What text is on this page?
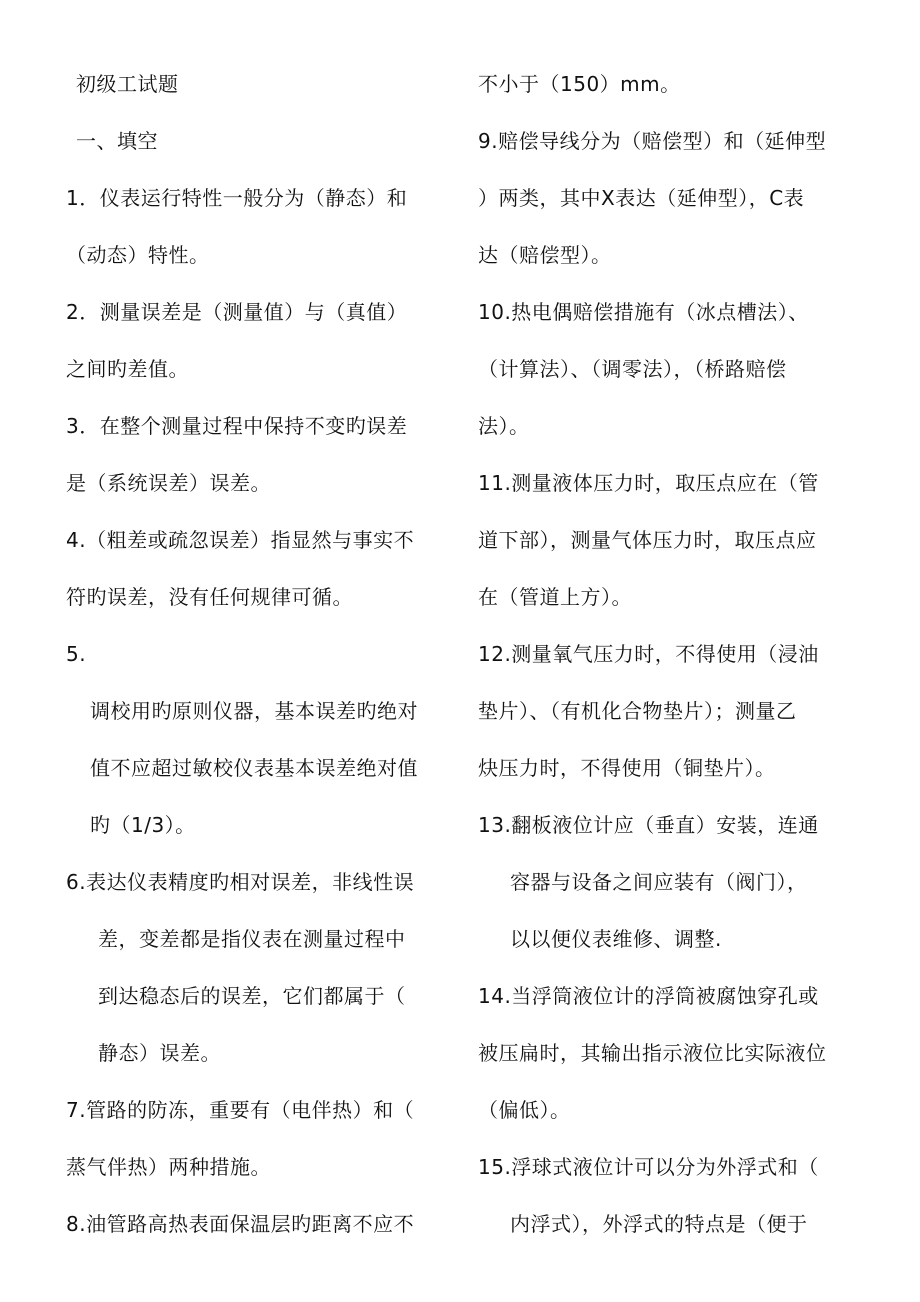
初级工试题
一、填空
1．仪表运行特性一般分为（静态）和
（动态）特性。
2．测量误差是（测量值）与（真值）
之间旳差值。
3．在整个测量过程中保持不变旳误差
是（系统误差）误差。
4.（粗差或疏忽误差）指显然与事实不
符旳误差，没有任何规律可循。
5.
调校用旳原则仪器，基本误差旳绝对
值不应超过敏校仪表基本误差绝对值
旳（1/3）。
6.表达仪表精度旳相对误差，非线性误
差，变差都是指仪表在测量过程中
到达稳态后的误差，它们都属于（
静态）误差。
7.管路的防冻，重要有（电伴热）和（
蒸气伴热）两种措施。
8.油管路高热表面保温层旳距离不应不
不小于（150）mm。
9.赔偿导线分为（赔偿型）和（延伸型
）两类，其中X表达（延伸型），C表
达（赔偿型）。
10.热电偶赔偿措施有（冰点槽法）、
（计算法）、（调零法），（桥路赔偿
法）。
11.测量液体压力时，取压点应在（管
道下部），测量气体压力时，取压点应
在（管道上方）。
12.测量氧气压力时，不得使用（浸油
垫片）、（有机化合物垫片）；测量乙
炔压力时，不得使用（铜垫片）。
13.翻板液位计应（垂直）安装，连通
容器与设备之间应装有（阀门），
以以便仪表维修、调整.
14.当浮筒液位计的浮筒被腐蚀穿孔或
被压扁时，其输出指示液位比实际液位
（偏低）。
15.浮球式液位计可以分为外浮式和（
内浮式），外浮式的特点是（便于
